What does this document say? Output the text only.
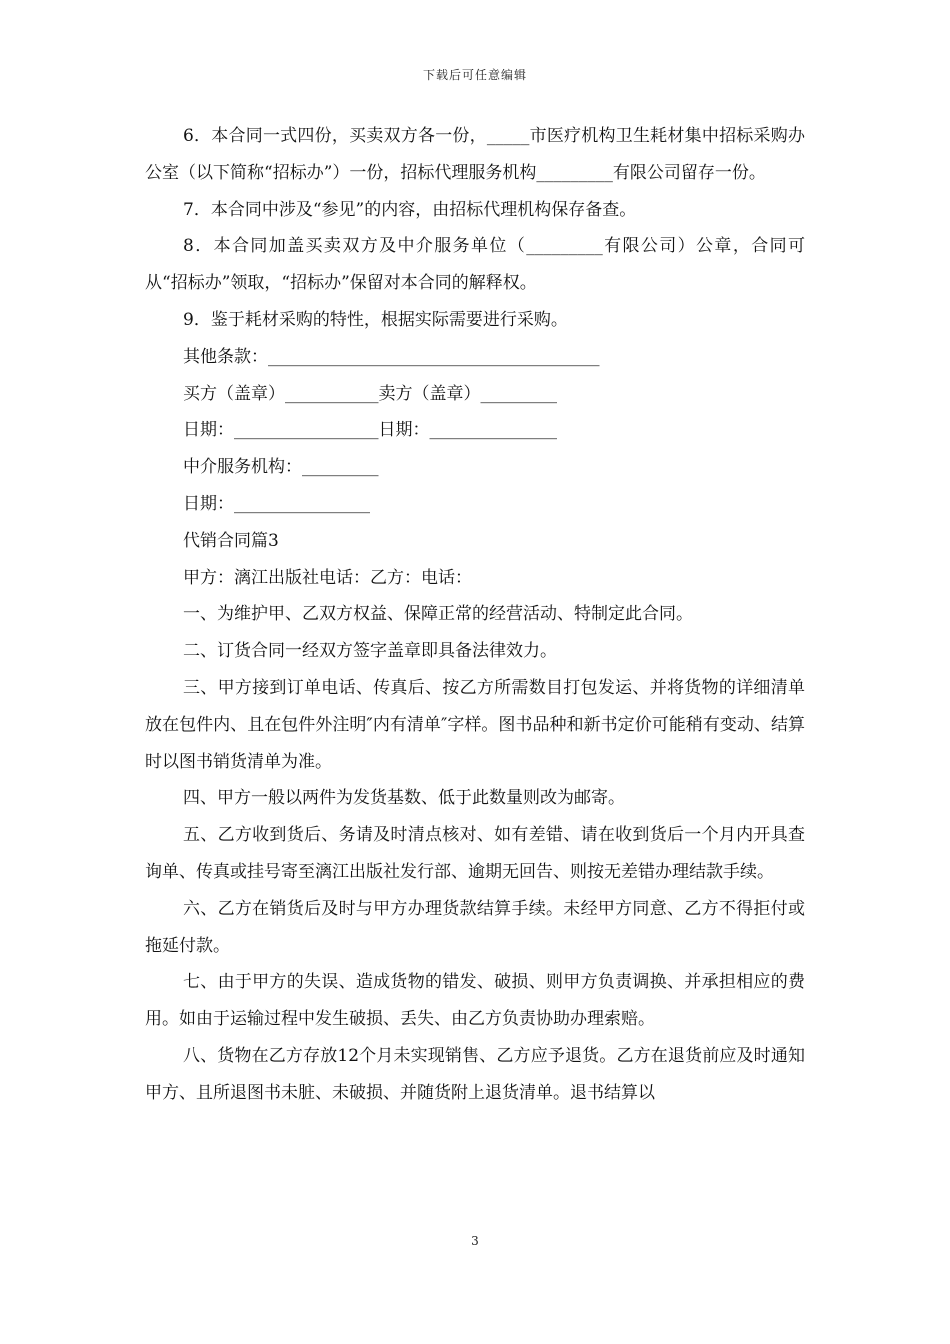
下载后可任意编辑

6．本合同一式四份，买卖双方各一份，_____市医疗机构卫生耗材集中招标采购办公室（以下简称“招标办”）一份，招标代理服务机构_________有限公司留存一份。

7．本合同中涉及“参见”的内容，由招标代理机构保存备查。

8．本合同加盖买卖双方及中介服务单位（_________有限公司）公章，合同可从“招标办”领取，“招标办”保留对本合同的解释权。

9．鉴于耗材采购的特性，根据实际需要进行采购。

其他条款：_______________________________________

买方（盖章）___________卖方（盖章）_________

日期：_________________日期：_______________

中介服务机构：_________

日期：________________

代销合同篇3

甲方：漓江出版社电话：乙方：电话：

一、为维护甲、乙双方权益、保障正常的经营活动、特制定此合同。

二、订货合同一经双方签字盖章即具备法律效力。

三、甲方接到订单电话、传真后、按乙方所需数目打包发运、并将货物的详细清单放在包件内、且在包件外注明″内有清单″字样。图书品种和新书定价可能稍有变动、结算时以图书销货清单为准。

四、甲方一般以两件为发货基数、低于此数量则改为邮寄。

五、乙方收到货后、务请及时清点核对、如有差错、请在收到货后一个月内开具查询单、传真或挂号寄至漓江出版社发行部、逾期无回告、则按无差错办理结款手续。

六、乙方在销货后及时与甲方办理货款结算手续。未经甲方同意、乙方不得拒付或拖延付款。

七、由于甲方的失误、造成货物的错发、破损、则甲方负责调换、并承担相应的费用。如由于运输过程中发生破损、丢失、由乙方负责协助办理索赔。

八、货物在乙方存放12个月未实现销售、乙方应予退货。乙方在退货前应及时通知甲方、且所退图书未脏、未破损、并随货附上退货清单。退书结算以

3
